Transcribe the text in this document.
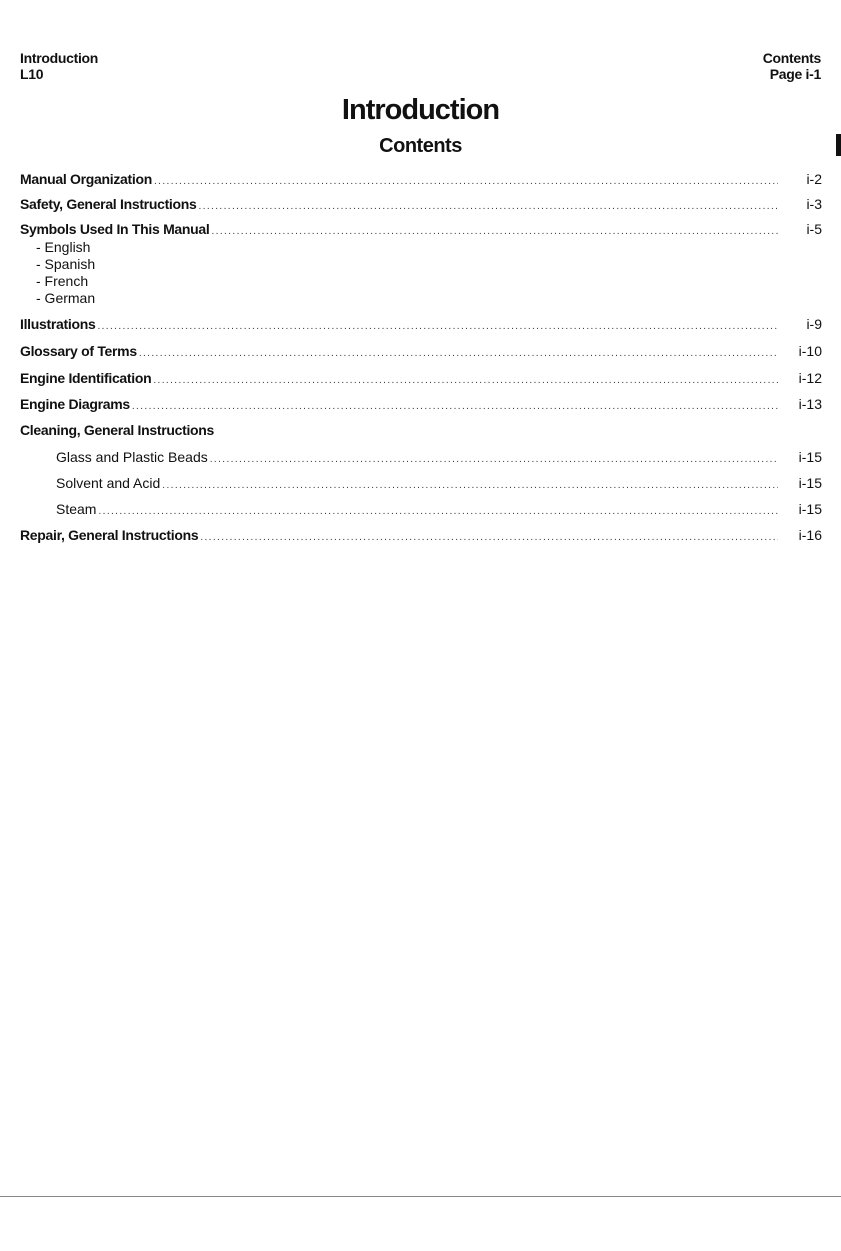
Introduction
L10
Contents
Page i-1
Introduction
Contents
Manual Organization .....	i-2
Safety, General Instructions .....	i-3
Symbols Used In This Manual .....	i-5
- English
- Spanish
- French
- German
Illustrations .....	i-9
Glossary of Terms .....	i-10
Engine Identification .....	i-12
Engine Diagrams .....	i-13
Cleaning, General Instructions
Glass and Plastic Beads .....	i-15
Solvent and Acid .....	i-15
Steam .....	i-15
Repair, General Instructions .....	i-16
